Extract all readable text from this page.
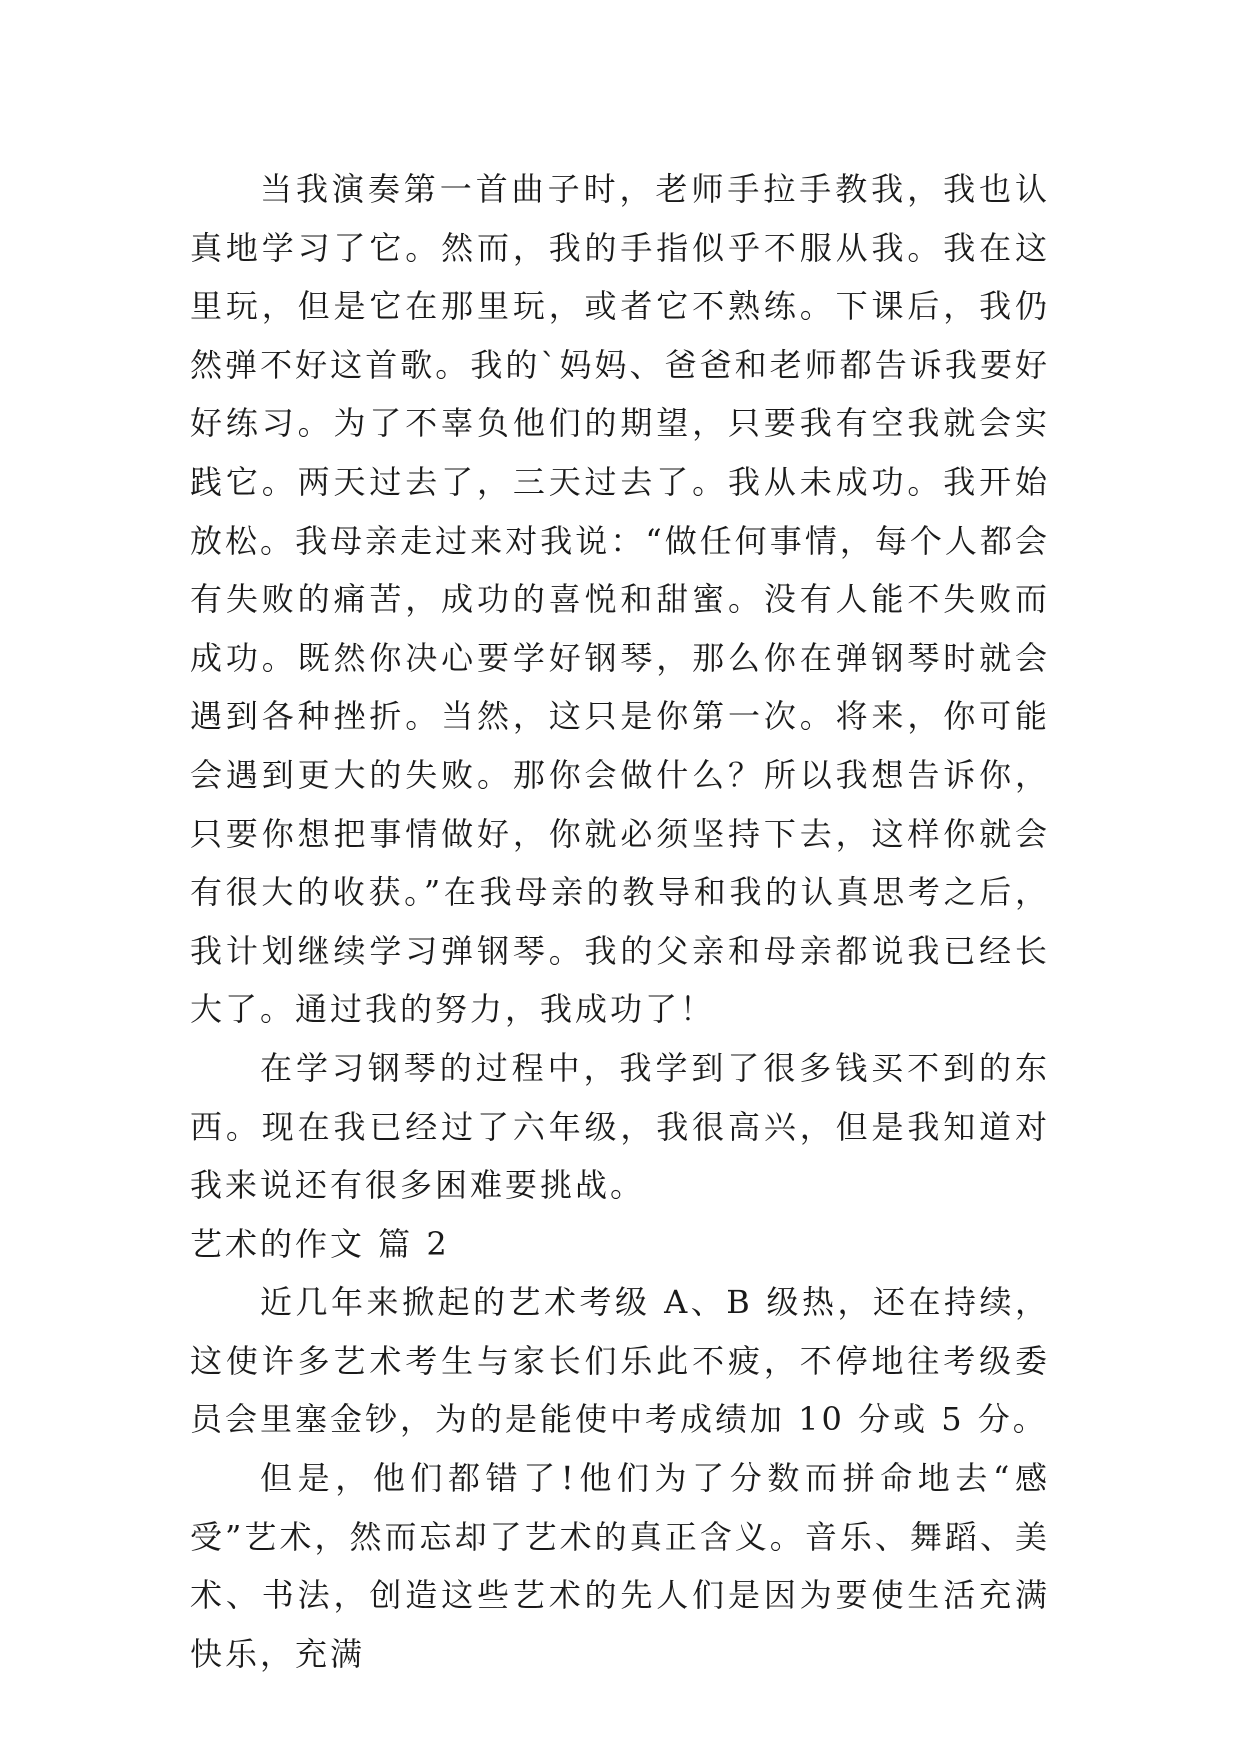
当我演奏第一首曲子时，老师手拉手教我，我也认真地学习了它。然而，我的手指似乎不服从我。我在这里玩，但是它在那里玩，或者它不熟练。下课后，我仍然弹不好这首歌。我的`妈妈、爸爸和老师都告诉我要好好练习。为了不辜负他们的期望，只要我有空我就会实践它。两天过去了，三天过去了。我从未成功。我开始放松。我母亲走过来对我说：“做任何事情，每个人都会有失败的痛苦，成功的喜悦和甜蜜。没有人能不失败而成功。既然你决心要学好钢琴，那么你在弹钢琴时就会遇到各种挫折。当然，这只是你第一次。将来，你可能会遇到更大的失败。那你会做什么？所以我想告诉你，只要你想把事情做好，你就必须坚持下去，这样你就会有很大的收获。”在我母亲的教导和我的认真思考之后，我计划继续学习弹钢琴。我的父亲和母亲都说我已经长大了。通过我的努力，我成功了！

在学习钢琴的过程中，我学到了很多钱买不到的东西。现在我已经过了六年级，我很高兴，但是我知道对我来说还有很多困难要挑战。

艺术的作文 篇 2

近几年来掀起的艺术考级 A、B 级热，还在持续，这使许多艺术考生与家长们乐此不疲，不停地往考级委员会里塞金钞，为的是能使中考成绩加 10 分或 5 分。

但是，他们都错了!他们为了分数而拼命地去“感受”艺术，然而忘却了艺术的真正含义。音乐、舞蹈、美术、书法，创造这些艺术的先人们是因为要使生活充满快乐，充满
